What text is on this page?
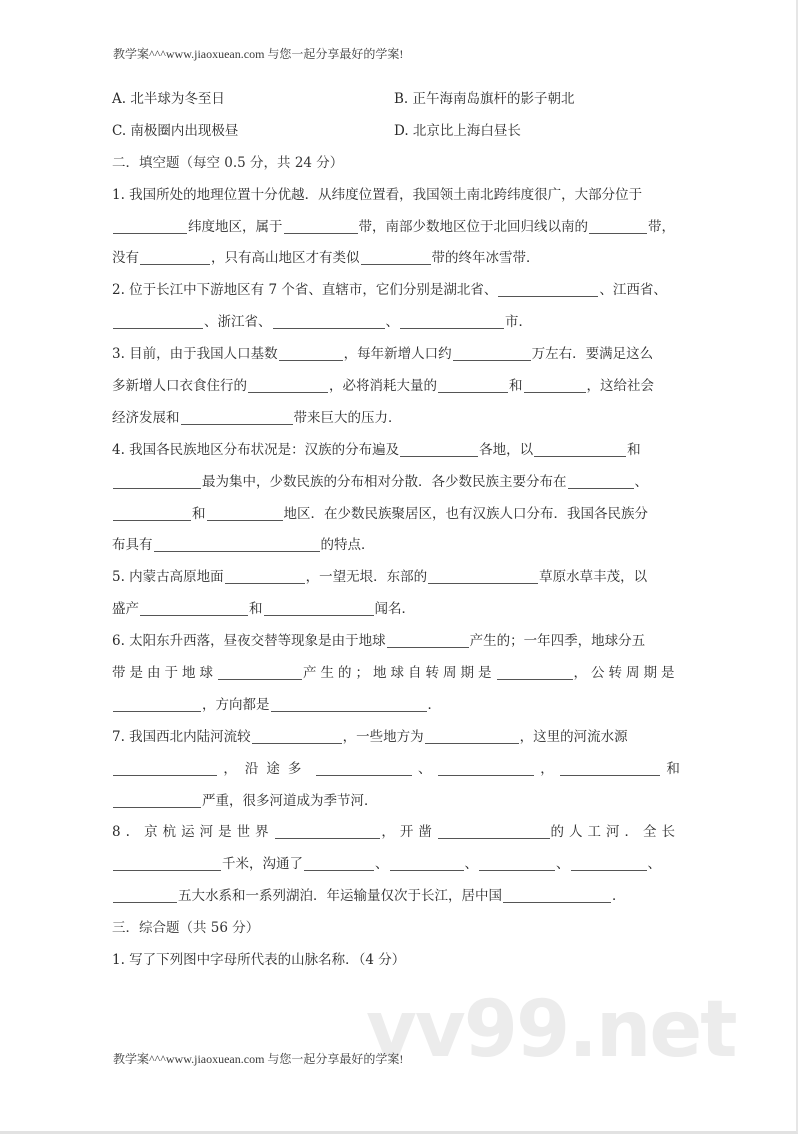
教学案^^^www.jiaoxuean.com 与您一起分享最好的学案!
A. 北半球为冬至日	B. 正午海南岛旗杆的影子朝北
C. 南极圈内出现极昼	D. 北京比上海白昼长
二．填空题（每空 0.5 分，共 24 分）
1. 我国所处的地理位置十分优越．从纬度位置看，我国领土南北跨纬度很广，大部分位于
纬度地区，属于	带，南部少数地区位于北回归线以南的	带，
没有	，只有高山地区才有类似	带的终年冰雪带．
2. 位于长江中下游地区有 7 个省、直辖市，它们分别是湖北省、	、江西省、
、浙江省、	、	市．
3. 目前，由于我国人口基数	，每年新增人口约	万左右．要满足这么
多新增人口衣食住行的	，必将消耗大量的	和	，这给社会
经济发展和	带来巨大的压力．
4. 我国各民族地区分布状况是：汉族的分布遍及	各地，以	和
最为集中，少数民族的分布相对分散．各少数民族主要分布在	、
和	地区．在少数民族聚居区，也有汉族人口分布．我国各民族分
布具有	的特点．
5. 内蒙古高原地面	，一望无垠．东部的	草原水草丰茂，以
盛产	和	闻名．
6. 太阳东升西落，昼夜交替等现象是由于地球	产生的；一年四季，地球分五
带是由于地球	产生的；地球自转周期是	，公转周期是
，方向都是	．
7. 我国西北内陆河流较	，一些地方为	，这里的河流水源
，沿途多	、	，	和
严重，很多河道成为季节河．
8. 京杭运河是世界	，开凿	的人工河．全长
千米，沟通了	、	、	、	、
五大水系和一系列湖泊．年运输量仅次于长江，居中国	．
三．综合题（共 56 分）
1. 写了下列图中字母所代表的山脉名称．（4 分）
vv99.net
教学案^^^www.jiaoxuean.com 与您一起分享最好的学案!
